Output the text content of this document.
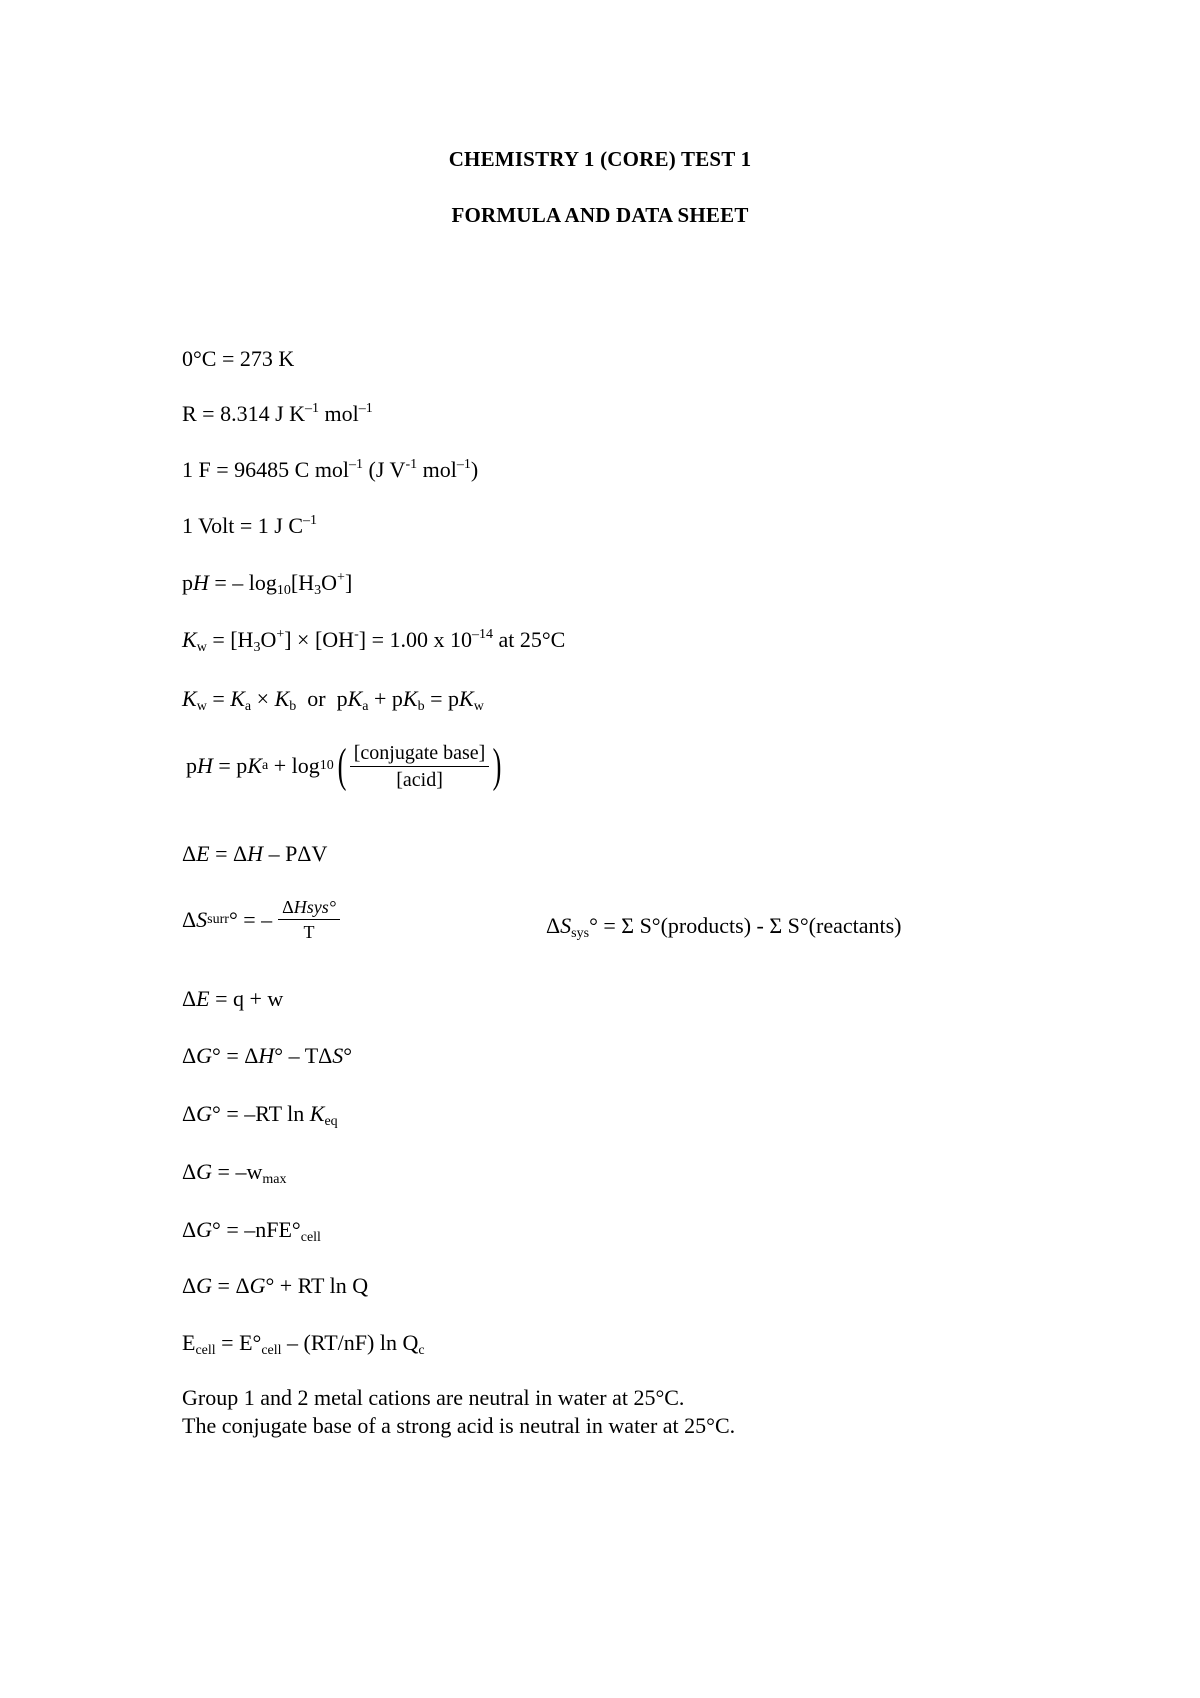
CHEMISTRY 1 (CORE) TEST 1
FORMULA AND DATA SHEET
0°C = 273 K
R = 8.314 J $K^{-1}$ mol$^{-1}$
1 F = 96485 C mol$^{-1}$ (J $V^{-1}$ mol$^{-1}$)
1 Volt = 1 J $C^{-1}$
pH = – $\log_{10}[H_3O^+]$
$K_w = [H_3O^+] \times [OH^-] = 1.00$ x $10^{-14}$ at 25°C
$K_w = K_a \times K_b$  or  $pK_a + pK_b = pK_w$
p H = p K a + log 10 ( $\frac{\text{[conjugate base]}}{\text{[acid]}}$ )
ΔE = ΔH – PΔV
Δ S surr ° = – $\frac{\text{ΔHsys°}}{T}$	$\Delta S_{sys}^\circ = \Sigma$ S°(products) - Σ S°(reactants)
ΔE = q + w
ΔG° = ΔH° – TΔS°
ΔG° = –RT $\ln K_{eq}$
$\Delta G = -w_{max}$
$\Delta G^\circ = -nFE^\circ_{cell}$
ΔG = ΔG° + RT ln Q
$E_{cell} = E^\circ_{cell} - (RT/nF)$ $\ln Q_c$
Group 1 and 2 metal cations are neutral in water at 25°C.
The conjugate base of a strong acid is neutral in water at 25°C.
